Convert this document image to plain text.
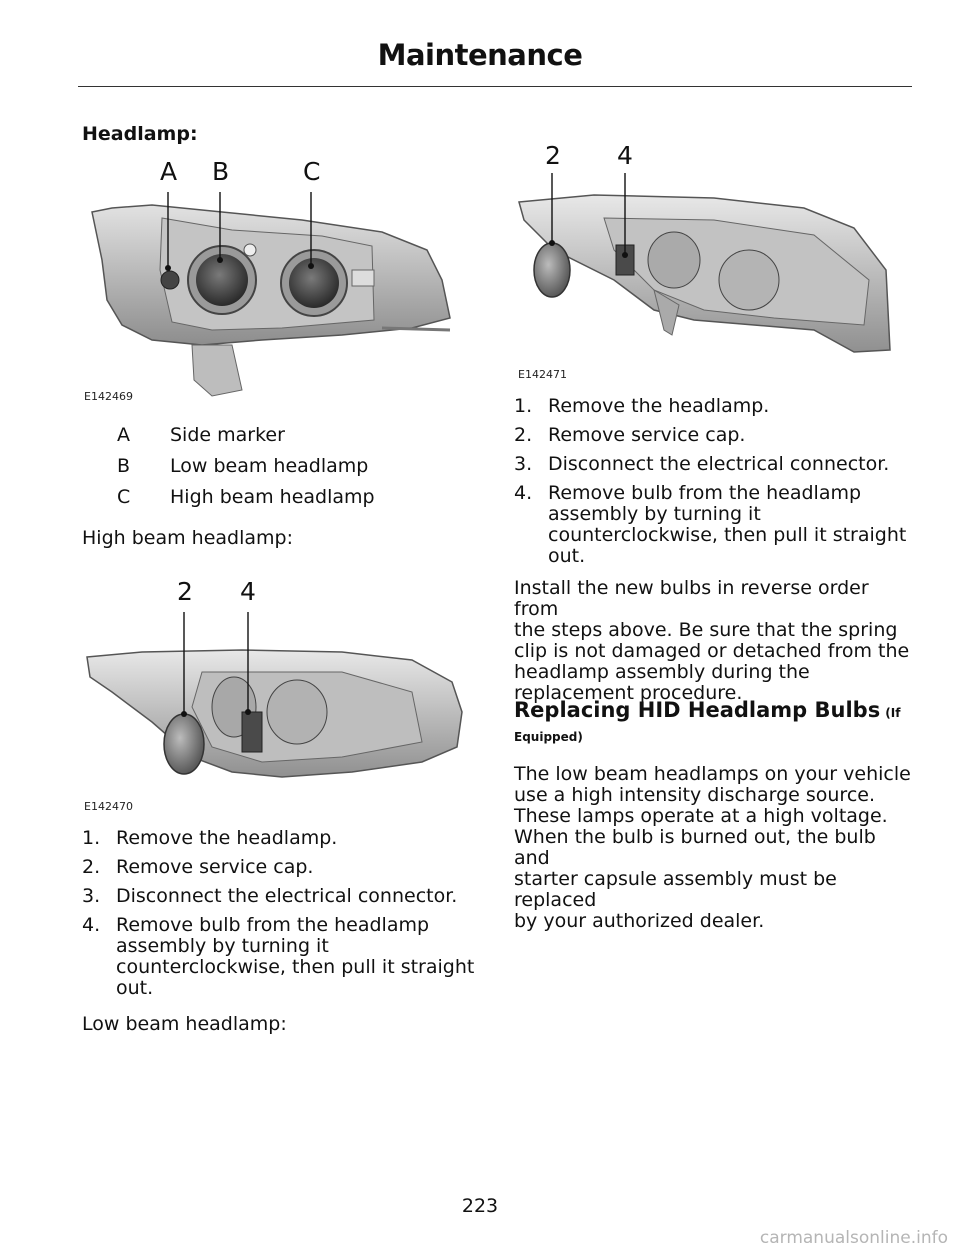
Maintenance
Headlamp:
A B	C
E142469
A	Side marker
B	Low beam headlamp
C	High beam headlamp
High beam headlamp:
2 4
E142470
1. Remove the headlamp.
2. Remove service cap.
3. Disconnect the electrical connector.
4. Remove bulb from the headlamp
assembly by turning it
counterclockwise, then pull it straight
out.
Low beam headlamp:
2 4
E142471
1. Remove the headlamp.
2. Remove service cap.
3. Disconnect the electrical connector.
4. Remove bulb from the headlamp
assembly by turning it
counterclockwise, then pull it straight
out.
Install the new bulbs in reverse order from
the steps above. Be sure that the spring
clip is not damaged or detached from the
headlamp assembly during the
replacement procedure.
Replacing HID Headlamp Bulbs (If
Equipped)
The low beam headlamps on your vehicle
use a high intensity discharge source.
These lamps operate at a high voltage.
When the bulb is burned out, the bulb and
starter capsule assembly must be replaced
by your authorized dealer.
223
carmanualsonline.info
